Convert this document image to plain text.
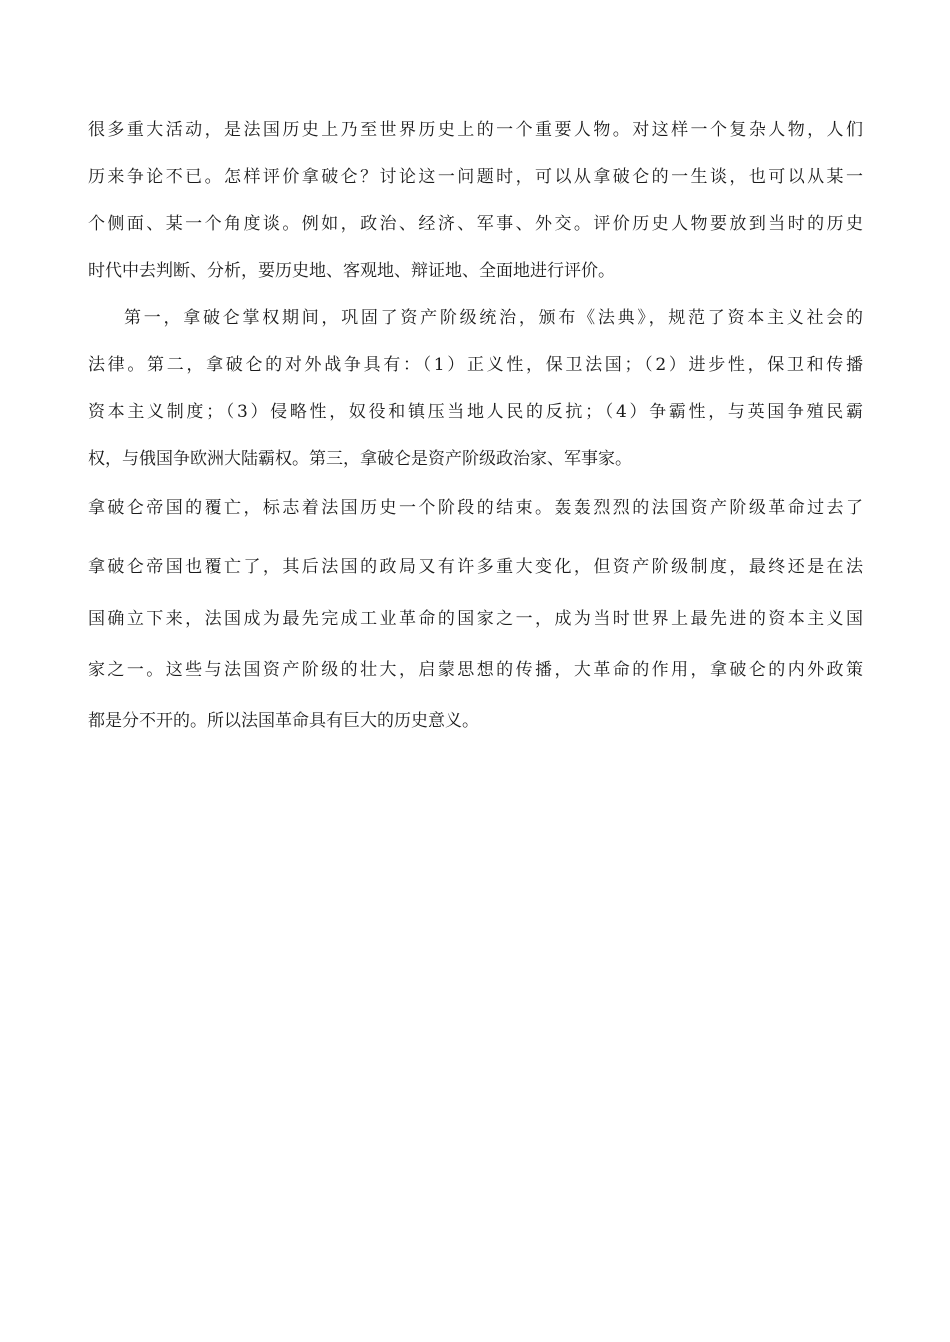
很多重大活动，是法国历史上乃至世界历史上的一个重要人物。对这样一个复杂人物，人们
历来争论不已。怎样评价拿破仑？讨论这一问题时，可以从拿破仑的一生谈，也可以从某一
个侧面、某一个角度谈。例如，政治、经济、军事、外交。评价历史人物要放到当时的历史
时代中去判断、分析，要历史地、客观地、辩证地、全面地进行评价。
第一，拿破仑掌权期间，巩固了资产阶级统治，颁布《法典》，规范了资本主义社会的
法律。第二，拿破仑的对外战争具有：（1）正义性，保卫法国；（2）进步性，保卫和传播
资本主义制度；（3）侵略性，奴役和镇压当地人民的反抗；（4）争霸性，与英国争殖民霸
权，与俄国争欧洲大陆霸权。第三，拿破仑是资产阶级政治家、军事家。
拿破仑帝国的覆亡，标志着法国历史一个阶段的结束。轰轰烈烈的法国资产阶级革命过去了
拿破仑帝国也覆亡了，其后法国的政局又有许多重大变化，但资产阶级制度，最终还是在法
国确立下来，法国成为最先完成工业革命的国家之一，成为当时世界上最先进的资本主义国
家之一。这些与法国资产阶级的壮大，启蒙思想的传播，大革命的作用，拿破仑的内外政策
都是分不开的。所以法国革命具有巨大的历史意义。
